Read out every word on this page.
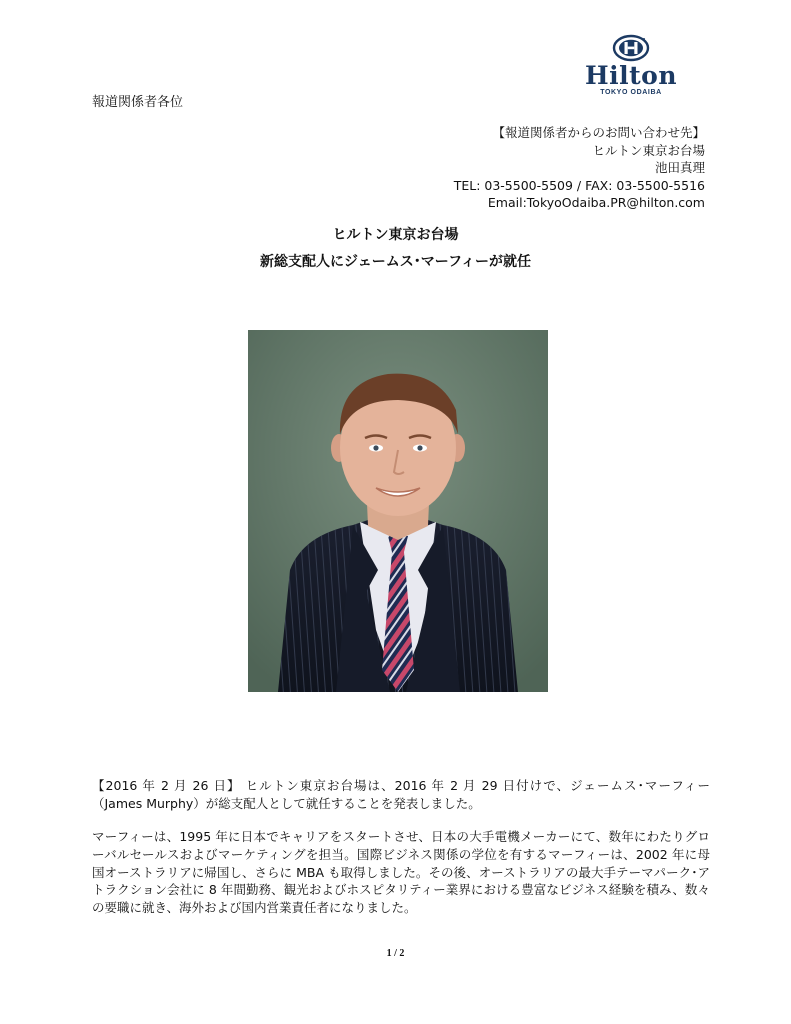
報道関係者各位
Hilton
TOKYO ODAIBA
【報道関係者からのお問い合わせ先】
ヒルトン東京お台場
池田真理
TEL: 03-5500-5509 / FAX: 03-5500-5516
Email:TokyoOdaiba.PR@hilton.com
ヒルトン東京お台場
新総支配人にジェームス･マーフィーが就任
【2016 年 2 月 26 日】 ヒルトン東京お台場は、2016 年 2 月 29 日付けで、ジェームス･マーフィー（James Murphy）が総支配人として就任することを発表しました。
マーフィーは、1995 年に日本でキャリアをスタートさせ、日本の大手電機メーカーにて、数年にわたりグローバルセールスおよびマーケティングを担当。国際ビジネス関係の学位を有するマーフィーは、2002 年に母国オーストラリアに帰国し、さらに MBA も取得しました。その後、オーストラリアの最大手テーマパーク･アトラクション会社に 8 年間勤務、観光およびホスピタリティー業界における豊富なビジネス経験を積み、数々の要職に就き、海外および国内営業責任者になりました。
1 / 2
